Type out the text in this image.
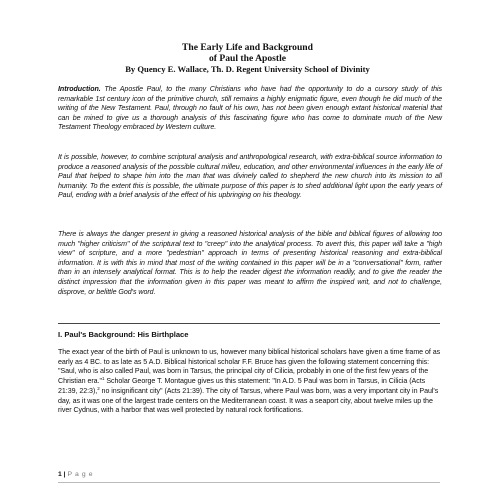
The Early Life and Background
of Paul the Apostle
By Quency E. Wallace, Th. D. Regent University School of Divinity

Introduction. The Apostle Paul, to the many Christians who have had the opportunity to do a cursory study of this remarkable 1st century icon of the primitive church, still remains a highly enigmatic figure, even though he did much of the writing of the New Testament. Paul, through no fault of his own, has not been given enough extant historical material that can be mined to give us a thorough analysis of this fascinating figure who has come to dominate much of the New Testament Theology embraced by Western culture.

It is possible, however, to combine scriptural analysis and anthropological research, with extra-biblical source information to produce a reasoned analysis of the possible cultural milleu, education, and other environmental influences in the early life of Paul that helped to shape him into the man that was divinely called to shepherd the new church into its mission to all humanity. To the extent this is possible, the ultimate purpose of this paper is to shed additional light upon the early years of Paul, ending with a brief analysis of the effect of his upbringing on his theology.

There is always the danger present in giving a reasoned historical analysis of the bible and biblical figures of allowing too much "higher criticism" of the scriptural text to "creep" into the analytical process. To avert this, this paper will take a "high view" of scripture, and a more "pedestrian" approach in terms of presenting historical reasoning and extra-biblical information. It is with this in mind that most of the writing contained in this paper will be in a "conversational" form, rather than in an intensely analytical format. This is to help the reader digest the information readily, and to give the reader the distinct impression that the information given in this paper was meant to affirm the inspired writ, and not to challenge, disprove, or belittle God's word.

I. Paul's Background: His Birthplace

The exact year of the birth of Paul is unknown to us, however many biblical historical scholars have given a time frame of as early as 4 BC. to as late as 5 A.D. Biblical historical scholar F.F. Bruce has given the following statement concerning this: "Saul, who is also called Paul, was born in Tarsus, the principal city of Cilicia, probably in one of the first few years of the Christian era."$^1$ Scholar George T. Montague gives us this statement: "In A.D. 5 Paul was born in Tarsus, in Cilicia (Acts 21:39, 22:3),$^2$ no insignificant city" (Acts 21:39). The city of Tarsus, where Paul was born, was a very important city in Paul's day, as it was one of the largest trade centers on the Mediterranean coast. It was a seaport city, about twelve miles up the river Cydnus, with a harbor that was well protected by natural rock fortifications.

1 | P a g e
